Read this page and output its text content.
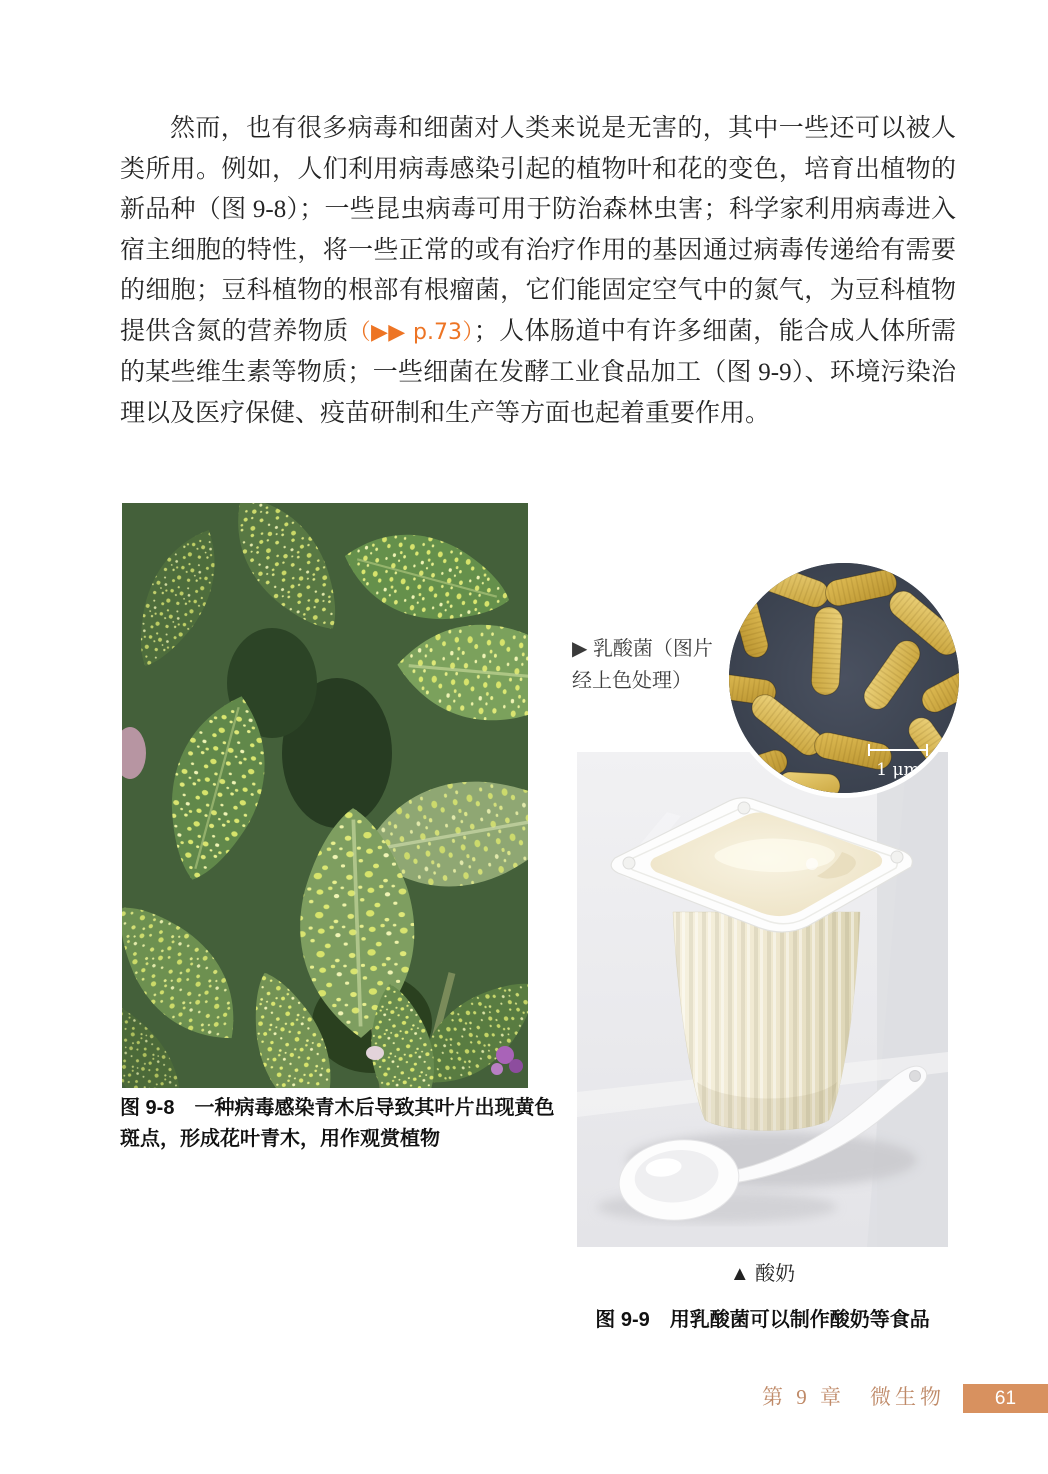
然而，也有很多病毒和细菌对人类来说是无害的，其中一些还可以被人类所用。例如，人们利用病毒感染引起的植物叶和花的变色，培育出植物的新品种（图 9-8）；一些昆虫病毒可用于防治森林虫害；科学家利用病毒进入宿主细胞的特性，将一些正常的或有治疗作用的基因通过病毒传递给有需要的细胞；豆科植物的根部有根瘤菌，它们能固定空气中的氮气，为豆科植物提供含氮的营养物质（▶▶ p.73）；人体肠道中有许多细菌，能合成人体所需的某些维生素等物质；一些细菌在发酵工业食品加工（图 9-9）、环境污染治理以及医疗保健、疫苗研制和生产等方面也起着重要作用。

图 9-8　一种病毒感染青木后导致其叶片出现黄色斑点，形成花叶青木，用作观赏植物
▶ 乳酸菌（图片
经上色处理）
1 μm
▲ 酸奶
图 9-9　用乳酸菌可以制作酸奶等食品
第 9 章　微生物	61
